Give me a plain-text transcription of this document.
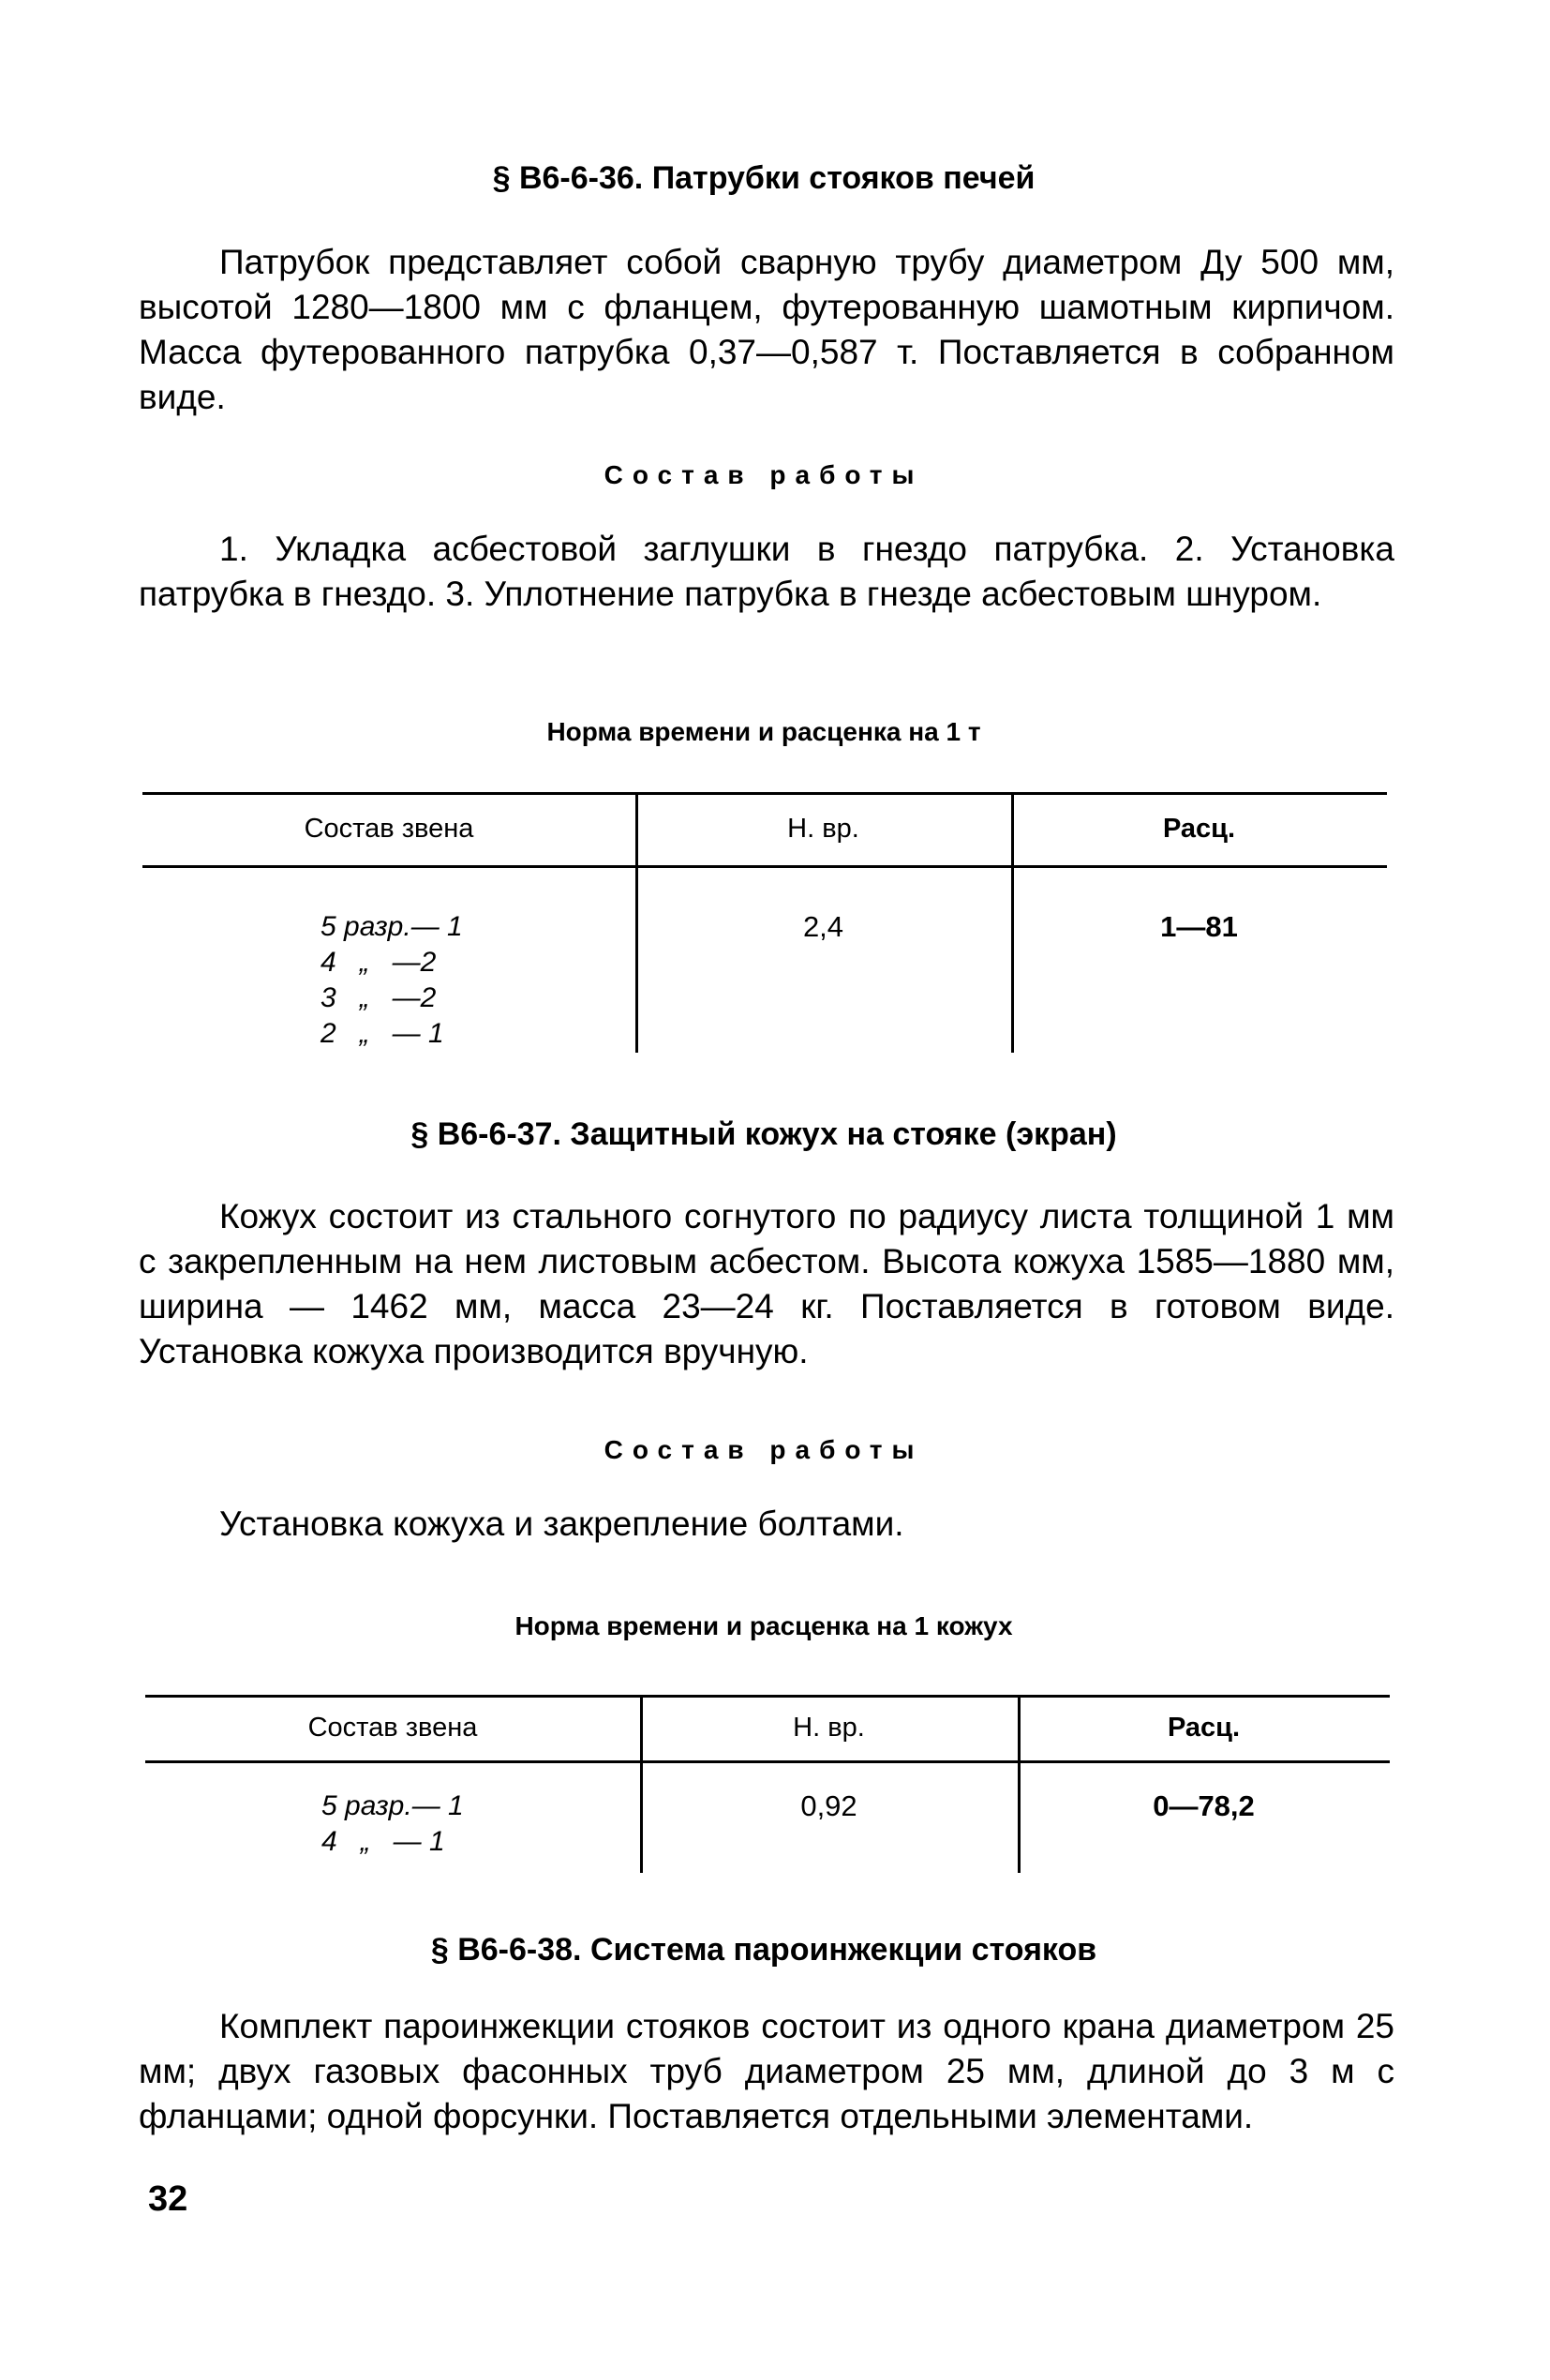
§ В6-6-36. Патрубки стояков печей

Патрубок представляет собой сварную трубу диаметром Ду 500 мм, высотой 1280—1800 мм с фланцем, футерованную шамотным кирпичом. Масса футерованного патрубка 0,37—0,587 т. Поставляется в собранном виде.

Состав работы

1. Укладка асбестовой заглушки в гнездо патрубка. 2. Установка патрубка в гнездо. 3. Уплотнение патрубка в гнезде асбестовым шнуром.

Норма времени и расценка на 1 т
Состав звена	Н. вр.	Расц.
5 разр.— 1
4   „   —2
3   „   —2
2   „   — 1
2,4	1—81
§ В6-6-37. Защитный кожух на стояке (экран)

Кожух состоит из стального согнутого по радиусу листа толщиной 1 мм с закрепленным на нем листовым асбестом. Высота кожуха 1585—1880 мм, ширина — 1462 мм, масса 23—24 кг. Поставляется в готовом виде. Установка кожуха производится вручную.

Состав работы

Установка кожуха и закрепление болтами.

Норма времени и расценка на 1 кожух
Состав звена	Н. вр.	Расц.
5 разр.— 1
4   „   — 1
0,92	0—78,2
§ В6-6-38. Система пароинжекции стояков

Комплект пароинжекции стояков состоит из одного крана диаметром 25 мм; двух газовых фасонных труб диаметром 25 мм, длиной до 3 м с фланцами; одной форсунки. Поставляется отдельными элементами.

32
